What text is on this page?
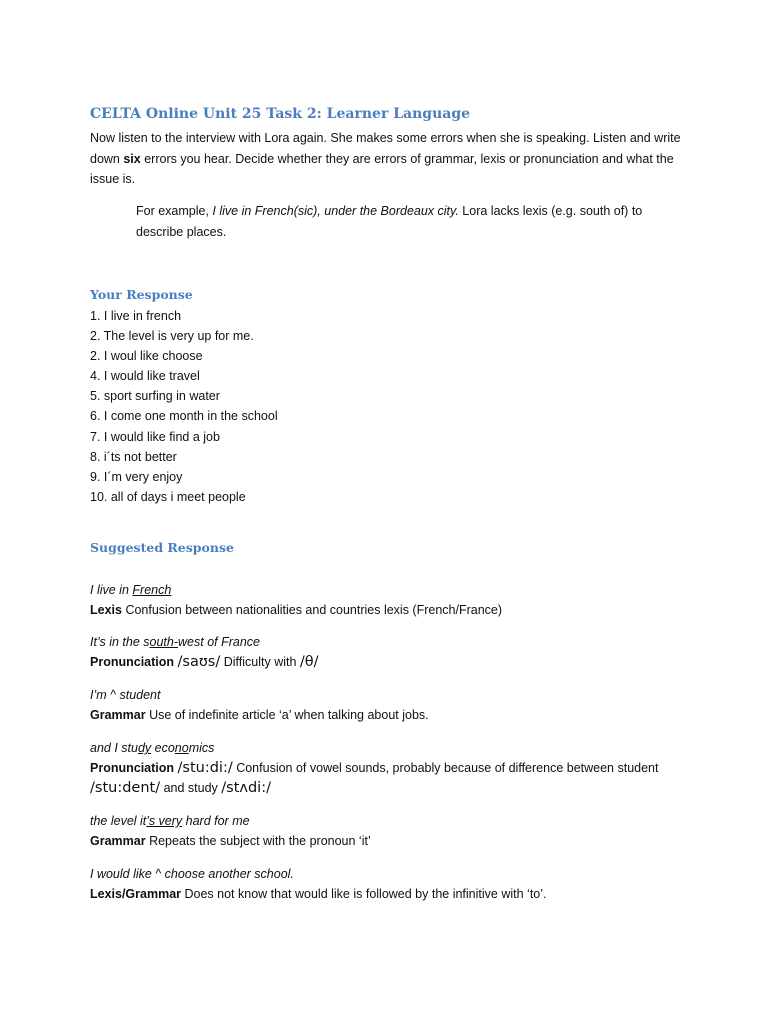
CELTA Online Unit 25 Task 2: Learner Language
Now listen to the interview with Lora again. She makes some errors when she is speaking. Listen and write down six errors you hear. Decide whether they are errors of grammar, lexis or pronunciation and what the issue is.
For example, I live in French(sic), under the Bordeaux city. Lora lacks lexis (e.g. south of) to describe places.
Your Response
1. I live in french
2. The level is very up for me.
2. I woul like choose
4. I would like travel
5. sport surfing in water
6. I come one month in the school
7. I would like find a job
8. i´ts not better
9. I´m very enjoy
10. all of days i meet people
Suggested Response
I live in French
Lexis Confusion between nationalities and countries lexis (French/France)
It’s in the south-west of France
Pronunciation /saʊs/ Difficulty with /θ/
I’m ^ student
Grammar Use of indefinite article ‘a’ when talking about jobs.
and I study economics
Pronunciation /stu:di:/ Confusion of vowel sounds, probably because of difference between student
/stu:dent/ and study /stʌdi:/
the level it’s very hard for me
Grammar Repeats the subject with the pronoun ‘it’
I would like ^ choose another school.
Lexis/Grammar Does not know that would like is followed by the infinitive with ‘to’.
